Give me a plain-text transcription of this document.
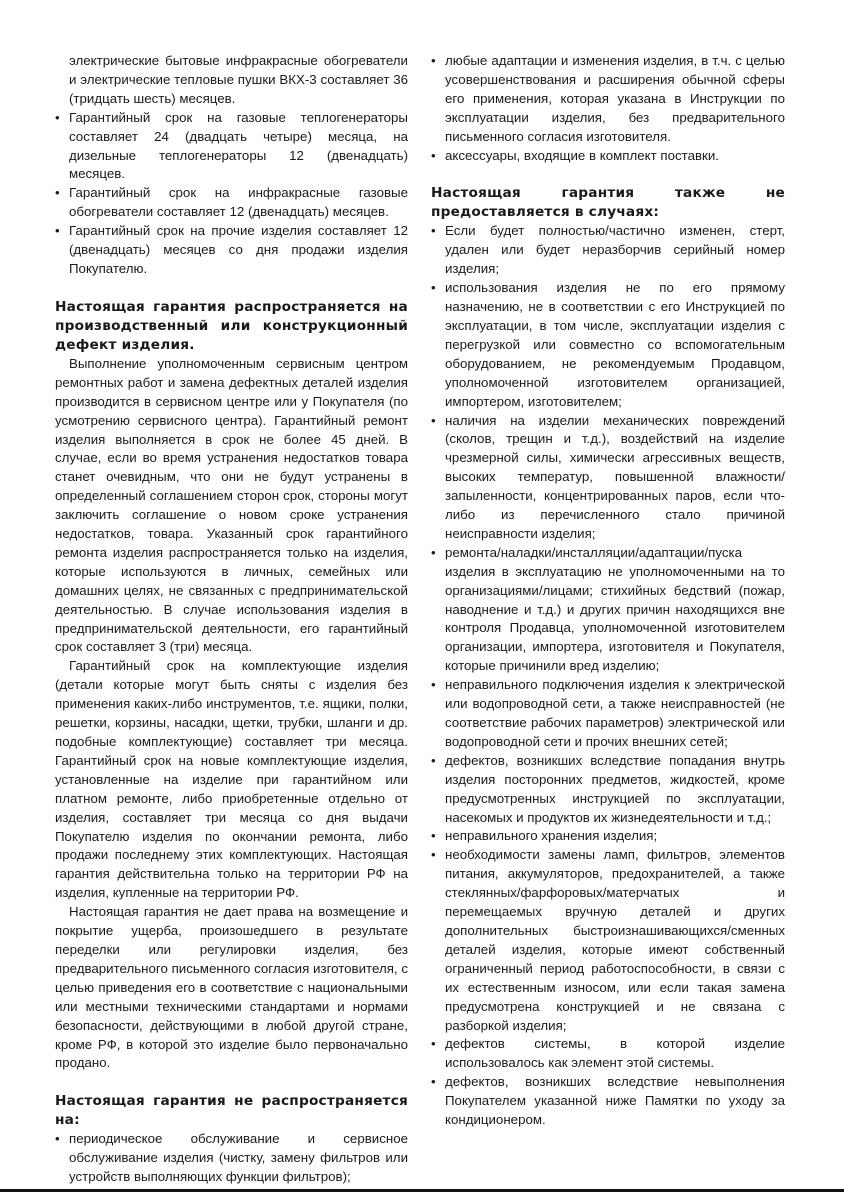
электрические бытовые инфракрасные обогреватели и электрические тепловые пушки ВКХ-3 составляет 36 (тридцать шесть) месяцев.

• Гарантийный срок на газовые теплогенераторы составляет 24 (двадцать четыре) месяца, на дизельные теплогенераторы 12 (двенадцать) месяцев.

• Гарантийный срок на инфракрасные газовые обогреватели составляет 12 (двенадцать) месяцев.

• Гарантийный срок на прочие изделия составляет 12 (двенадцать) месяцев со дня продажи изделия Покупателю.

Настоящая гарантия распространяется на производственный или конструкционный дефект изделия.

Выполнение уполномоченным сервисным центром ремонтных работ и замена дефектных деталей изделия производится в сервисном центре или у Покупателя (по усмотрению сервисного центра). Гарантийный ремонт изделия выполняется в срок не более 45 дней. В случае, если во время устранения недостатков товара станет очевидным, что они не будут устранены в определенный соглашением сторон срок, стороны могут заключить соглашение о новом сроке устранения недостатков, товара. Указанный срок гарантийного ремонта изделия распространяется только на изделия, которые используются в личных, семейных или домашних целях, не связанных с предпринимательской деятельностью. В случае использования изделия в предпринимательской деятельности, его гарантийный срок составляет 3 (три) месяца.

Гарантийный срок на комплектующие изделия (детали которые могут быть сняты с изделия без применения каких-либо инструментов, т.е. ящики, полки, решетки, корзины, насадки, щетки, трубки, шланги и др. подобные комплектующие) составляет три месяца. Гарантийный срок на новые комплектующие изделия, установленные на изделие при гарантийном или платном ремонте, либо приобретенные отдельно от изделия, составляет три месяца со дня выдачи Покупателю изделия по окончании ремонта, либо продажи последнему этих комплектующих. Настоящая гарантия действительна только на территории РФ на изделия, купленные на территории РФ.

Настоящая гарантия не дает права на возмещение и покрытие ущерба, произошедшего в результате переделки или регулировки изделия, без предварительного письменного согласия изготовителя, с целью приведения его в соответствие с национальными или местными техническими стандартами и нормами безопасности, действующими в любой другой стране, кроме РФ, в которой это изделие было первоначально продано.

Настоящая гарантия не распространяется на:

• периодическое обслуживание и сервисное обслуживание изделия (чистку, замену фильтров или устройств выполняющих функции фильтров);

• любые адаптации и изменения изделия, в т.ч. с целью усовершенствования и расширения обычной сферы его применения, которая указана в Инструкции по эксплуатации изделия, без предварительного письменного согласия изготовителя.

• аксессуары, входящие в комплект поставки.

Настоящая гарантия также не предоставляется в случаях:

• Если будет полностью/частично изменен, стерт, удален или будет неразборчив серийный номер изделия;

• использования изделия не по его прямому назначению, не в соответствии с его Инструкцией по эксплуатации, в том числе, эксплуатации изделия с перегрузкой или совместно со вспомогательным оборудованием, не рекомендуемым Продавцом, уполномоченной изготовителем организацией, импортером, изготовителем;

• наличия на изделии механических повреждений (сколов, трещин и т.д.), воздействий на изделие чрезмерной силы, химически агрессивных веществ, высоких температур, повышенной влажности/запыленности, концентрированных паров, если что-либо из перечисленного стало причиной неисправности изделия;

• ремонта/наладки/инсталляции/адаптации/пуска изделия в эксплуатацию не уполномоченными на то организациями/лицами; стихийных бедствий (пожар, наводнение и т.д.) и других причин находящихся вне контроля Продавца, уполномоченной изготовителем организации, импортера, изготовителя и Покупателя, которые причинили вред изделию;

• неправильного подключения изделия к электрической или водопроводной сети, а также неисправностей (не соответствие рабочих параметров) электрической или водопроводной сети и прочих внешних сетей;

• дефектов, возникших вследствие попадания внутрь изделия посторонних предметов, жидкостей, кроме предусмотренных инструкцией по эксплуатации, насекомых и продуктов их жизнедеятельности и т.д.;

• неправильного хранения изделия;

• необходимости замены ламп, фильтров, элементов питания, аккумуляторов, предохранителей, а также стеклянных/фарфоровых/матерчатых и перемещаемых вручную деталей и других дополнительных быстроизнашивающихся/сменных деталей изделия, которые имеют собственный ограниченный период работоспособности, в связи с их естественным износом, или если такая замена предусмотрена конструкцией и не связана с разборкой изделия;

• дефектов системы, в которой изделие использовалось как элемент этой системы.

• дефектов, возникших вследствие невыполнения Покупателем указанной ниже Памятки по уходу за кондиционером.
